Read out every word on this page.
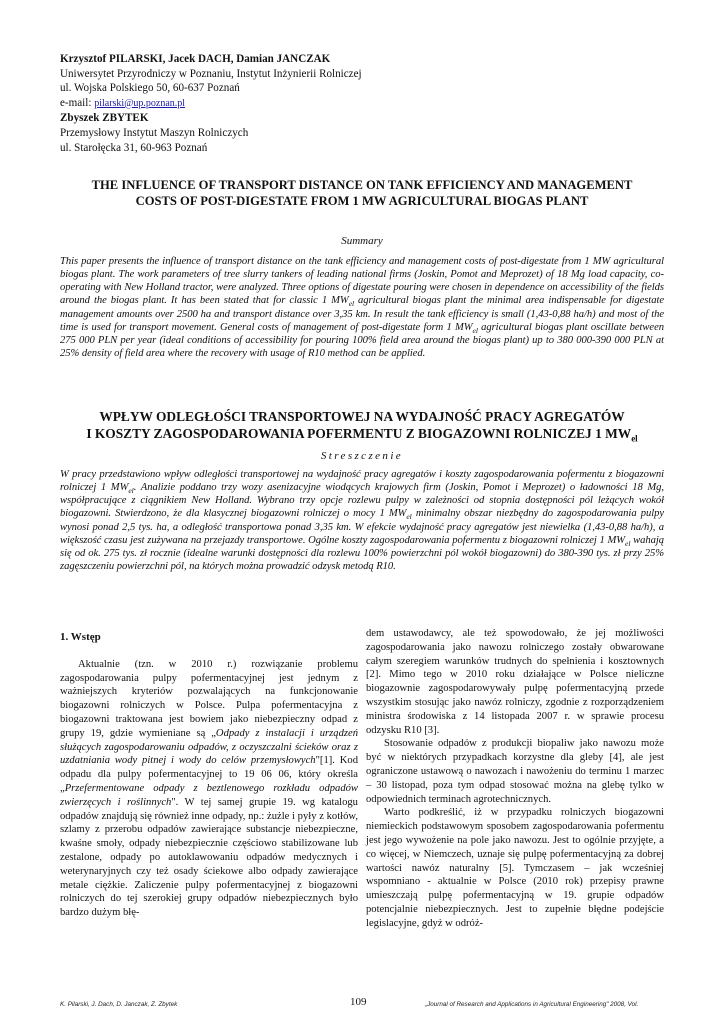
Krzysztof PILARSKI, Jacek DACH, Damian JANCZAK
Uniwersytet Przyrodniczy w Poznaniu, Instytut Inżynierii Rolniczej
ul. Wojska Polskiego 50, 60-637 Poznań
e-mail: pilarski@up.poznan.pl
Zbyszek ZBYTEK
Przemysłowy Instytut Maszyn Rolniczych
ul. Starołęcka 31, 60-963 Poznań
THE INFLUENCE OF TRANSPORT DISTANCE ON TANK EFFICIENCY AND MANAGEMENT COSTS OF POST-DIGESTATE FROM 1 MW AGRICULTURAL BIOGAS PLANT
Summary
This paper presents the influence of transport distance on the tank efficiency and management costs of post-digestate from 1 MW agricultural biogas plant. The work parameters of tree slurry tankers of leading national firms (Joskin, Pomot and Meprozet) of 18 Mg load capacity, co-operating with New Holland tractor, were analyzed. Three options of digestate pouring were chosen in dependence on accessibility of the fields around the biogas plant. It has been stated that for classic 1 $MW_{el}$ agricultural biogas plant the minimal area indispensable for digestate management amounts over 2500 ha and transport distance over 3,35 km. In result the tank efficiency is small (1,43-0,88 ha/h) and most of the time is used for transport movement. General costs of management of post-digestate form 1 $MW_{el}$ agricultural biogas plant oscillate between 275 000 PLN per year (ideal conditions of accessibility for pouring 100% field area around the biogas plant) up to 380 000-390 000 PLN at 25% density of field area where the recovery with usage of R10 method can be applied.
WPŁYW ODLEGŁOŚCI TRANSPORTOWEJ NA WYDAJNOŚĆ PRACY AGREGATÓW
I KOSZTY ZAGOSPODAROWANIA POFERMENTU Z BIOGAZOWNI ROLNICZEJ 1 $MW_{el}$
Streszczenie
W pracy przedstawiono wpływ odległości transportowej na wydajność pracy agregatów i koszty zagospodarowania pofermentu z biogazowni rolniczej 1 $MW_{el}$. Analizie poddano trzy wozy asenizacyjne wiodących krajowych firm (Joskin, Pomot i Meprozet) o ładowności 18 Mg, współpracujące z ciągnikiem New Holland. Wybrano trzy opcje rozlewu pulpy w zależności od stopnia dostępności pól leżących wokół biogazowni. Stwierdzono, że dla klasycznej biogazowni rolniczej o mocy 1 $MW_{el}$ minimalny obszar niezbędny do zagospodarowania pulpy wynosi ponad 2,5 tys. ha, a odległość transportowa ponad 3,35 km. W efekcie wydajność pracy agregatów jest niewielka (1,43-0,88 ha/h), a większość czasu jest zużywana na przejazdy transportowe. Ogólne koszty zagospodarowania pofermentu z biogazowni rolniczej 1 $MW_{el}$ wahają się od ok. 275 tys. zł rocznie (idealne warunki dostępności dla rozlewu 100% powierzchni pól wokół biogazowni) do 380-390 tys. zł przy 25% zagęszczeniu powierzchni pól, na których można prowadzić odzysk metodą R10.
1. Wstęp

Aktualnie (tzn. w 2010 r.) rozwiązanie problemu zagospodarowania pulpy pofermentacyjnej jest jednym z ważniejszych kryteriów pozwalających na funkcjonowanie biogazowni rolniczych w Polsce. Pulpa pofermentacyjna z biogazowni traktowana jest bowiem jako niebezpieczny odpad z grupy 19, gdzie wymieniane są „Odpady z instalacji i urządzeń służących zagospodarowaniu odpadów, z oczyszczalni ścieków oraz z uzdatniania wody pitnej i wody do celów przemysłowych"[1]. Kod odpadu dla pulpy pofermentacyjnej to 19 06 06, który określa „Przefermentowane odpady z beztlenowego rozkładu odpadów zwierzęcych i roślinnych". W tej samej grupie 19. wg katalogu odpadów znajdują się również inne odpady, np.: żużle i pyły z kotłów, szlamy z przerobu odpadów zawierające substancje niebezpieczne, kwaśne smoły, odpady niebezpiecznie częściowo stabilizowane lub zestalone, odpady po autoklawowaniu odpadów medycznych i weterynaryjnych czy też osady ściekowe albo odpady zawierające metale ciężkie. Zaliczenie pulpy pofermentacyjnej z biogazowni rolniczych do tej szerokiej grupy odpadów niebezpiecznych było bardzo dużym błę-

dem ustawodawcy, ale też spowodowało, że jej możliwości zagospodarowania jako nawozu rolniczego zostały obwarowane całym szeregiem warunków trudnych do spełnienia i kosztownych [2]. Mimo tego w 2010 roku działające w Polsce nieliczne biogazownie zagospodarowywały pulpę pofermentacyjną przede wszystkim stosując jako nawóz rolniczy, zgodnie z rozporządzeniem ministra środowiska z 14 listopada 2007 r. w sprawie procesu odzysku R10 [3].

Stosowanie odpadów z produkcji biopaliw jako nawozu może być w niektórych przypadkach korzystne dla gleby [4], ale jest ograniczone ustawową o nawozach i nawożeniu do terminu 1 marzec – 30 listopad, poza tym odpad stosować można na glebę tylko w odpowiednich terminach agrotechnicznych.

Warto podkreślić, iż w przypadku rolniczych biogazowni niemieckich podstawowym sposobem zagospodarowania pofermentu jest jego wywożenie na pole jako nawozu. Jest to ogólnie przyjęte, a co więcej, w Niemczech, uznaje się pulpę pofermentacyjną za dobrej wartości nawóz naturalny [5]. Tymczasem – jak wcześniej wspomniano - aktualnie w Polsce (2010 rok) przepisy prawne umieszczają pulpę pofermentacyjną w 19. grupie odpadów potencjalnie niebezpiecznych. Jest to zupełnie błędne podejście legislacyjne, gdyż w odróż-

K. Pilarski, J. Dach, D. Janczak, Z. Zbytek	109	„Journal of Research and Applications in Agricultural Engineering" 2008, Vol.
